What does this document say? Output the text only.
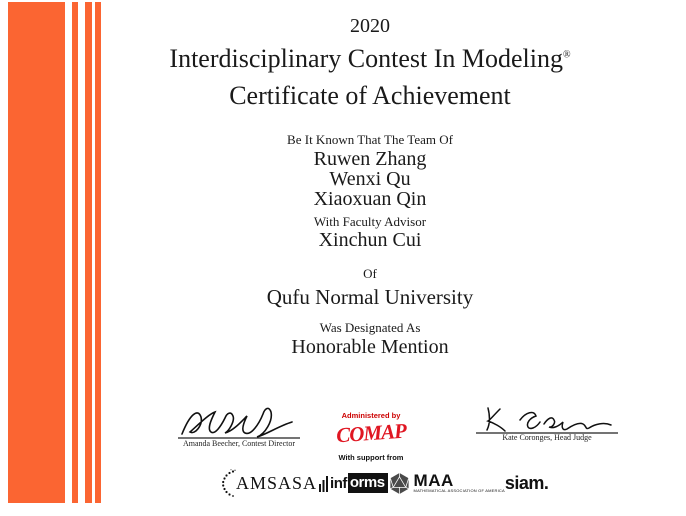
2020
Interdisciplinary Contest In Modeling®
Certificate of Achievement
Be It Known That The Team Of
Ruwen Zhang
Wenxi Qu
Xiaoxuan Qin
With Faculty Advisor
Xinchun Cui
Of
Qufu Normal University
Was Designated As
Honorable Mention
Amanda Beecher, Contest Director
Administered by
COMAP
With support from
Kate Coronges, Head Judge
AMS ASA inf orms MAA
MATHEMATICAL ASSOCIATION OF AMERICA siam.
